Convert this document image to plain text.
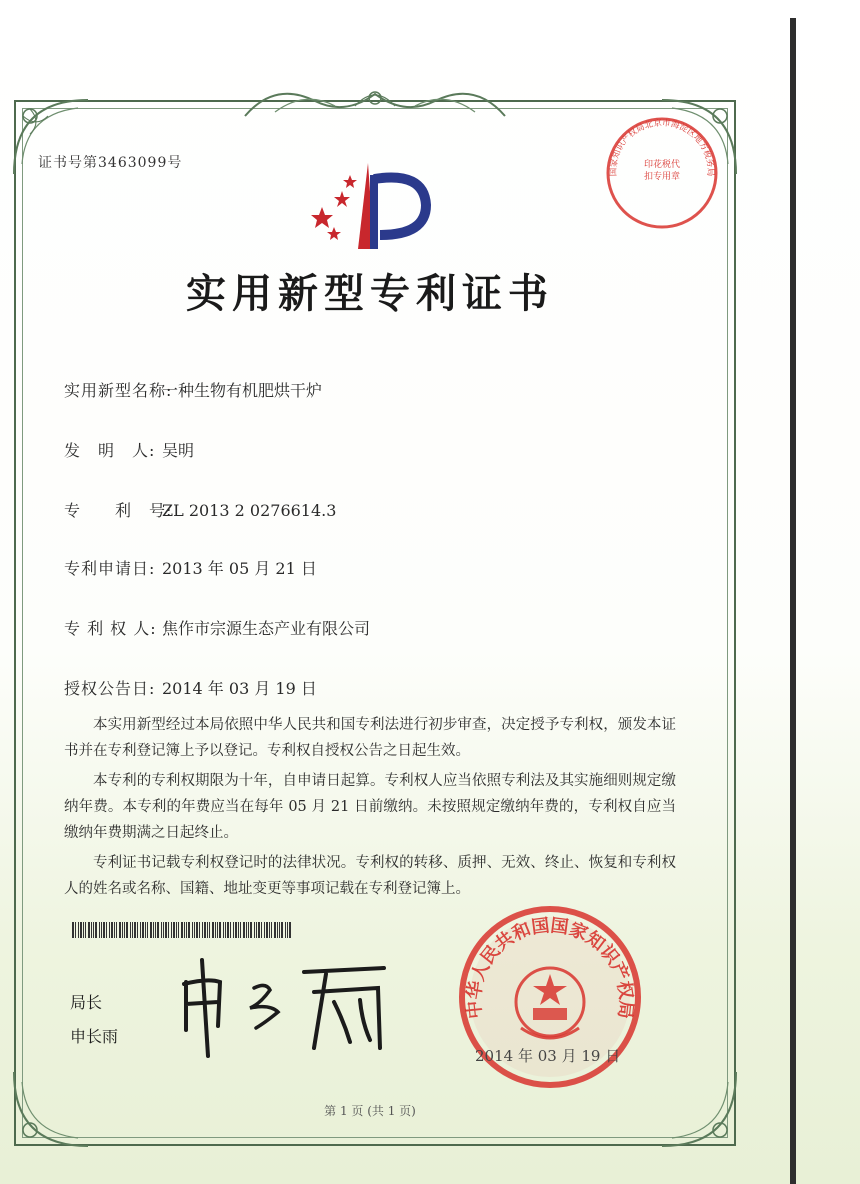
证书号第3463099号
实用新型专利证书
实用新型名称:一种生物有机肥烘干炉
发　明　人: 吴明
专　　利　号:ZL 2013 2 0276614.3
专利申请日: 2013 年 05 月 21 日
专 利 权 人: 焦作市宗源生态产业有限公司
授权公告日: 2014 年 03 月 19 日

本实用新型经过本局依照中华人民共和国专利法进行初步审查，决定授予专利权，颁发本证书并在专利登记簿上予以登记。专利权自授权公告之日起生效。

本专利的专利权期限为十年，自申请日起算。专利权人应当依照专利法及其实施细则规定缴纳年费。本专利的年费应当在每年 05 月 21 日前缴纳。未按照规定缴纳年费的，专利权自应当缴纳年费期满之日起终止。

专利证书记载专利权登记时的法律状况。专利权的转移、质押、无效、终止、恢复和专利权人的姓名或名称、国籍、地址变更等事项记载在专利登记簿上。

局长
申长雨
中华人民共和国国家知识产权局
2014 年 03 月 19 日
国家知识产权局北京市海淀区地方税务局
印花税代扣专用章
第 1 页 (共 1 页)
